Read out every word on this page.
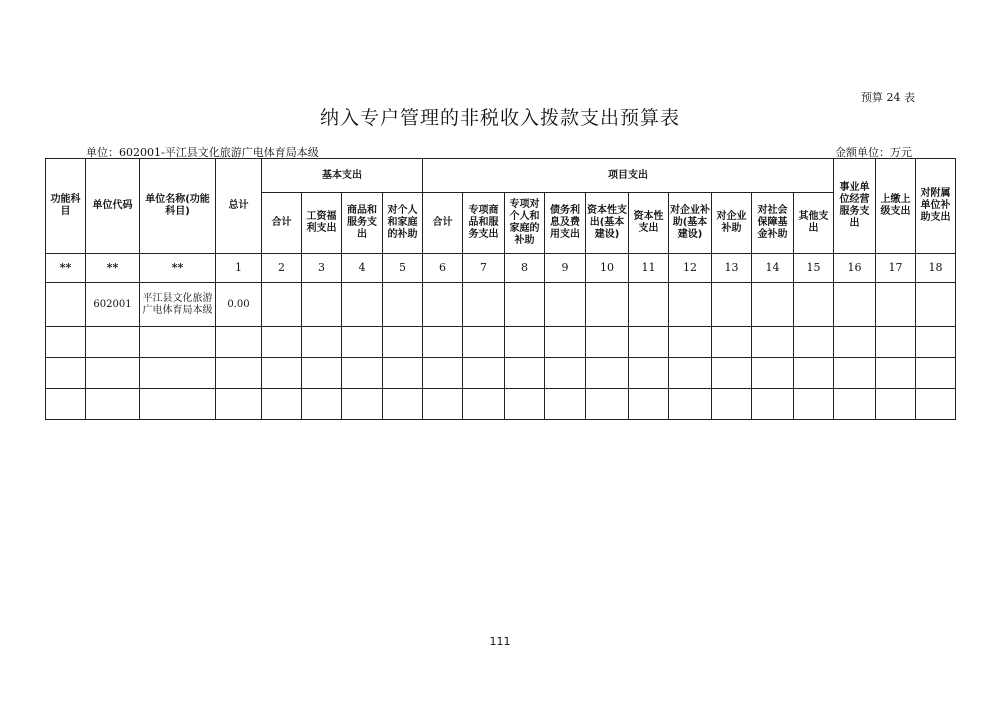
预算 24 表
纳入专户管理的非税收入拨款支出预算表
单位：602001-平江县文化旅游广电体育局本级	金额单位：万元
功能科目	单位代码	单位名称(功能科目)	总计	基本支出				项目支出										事业单位经营服务支出	上缴上级支出	对附属单位补助支出
				合计	工资福利支出	商品和服务支出	对个人和家庭的补助	合计	专项商品和服务支出	专项对个人和家庭的补助	债务利息及费用支出	资本性支出(基本建设)	资本性支出	对企业补助(基本建设)	对企业补助	对社会保障基金补助	其他支出			
**	**	**	1	2	3	4	5	6	7	8	9	10	11	12	13	14	15	16	17	18
	602001	平江县文化旅游广电体育局本级	0.00																	

111
